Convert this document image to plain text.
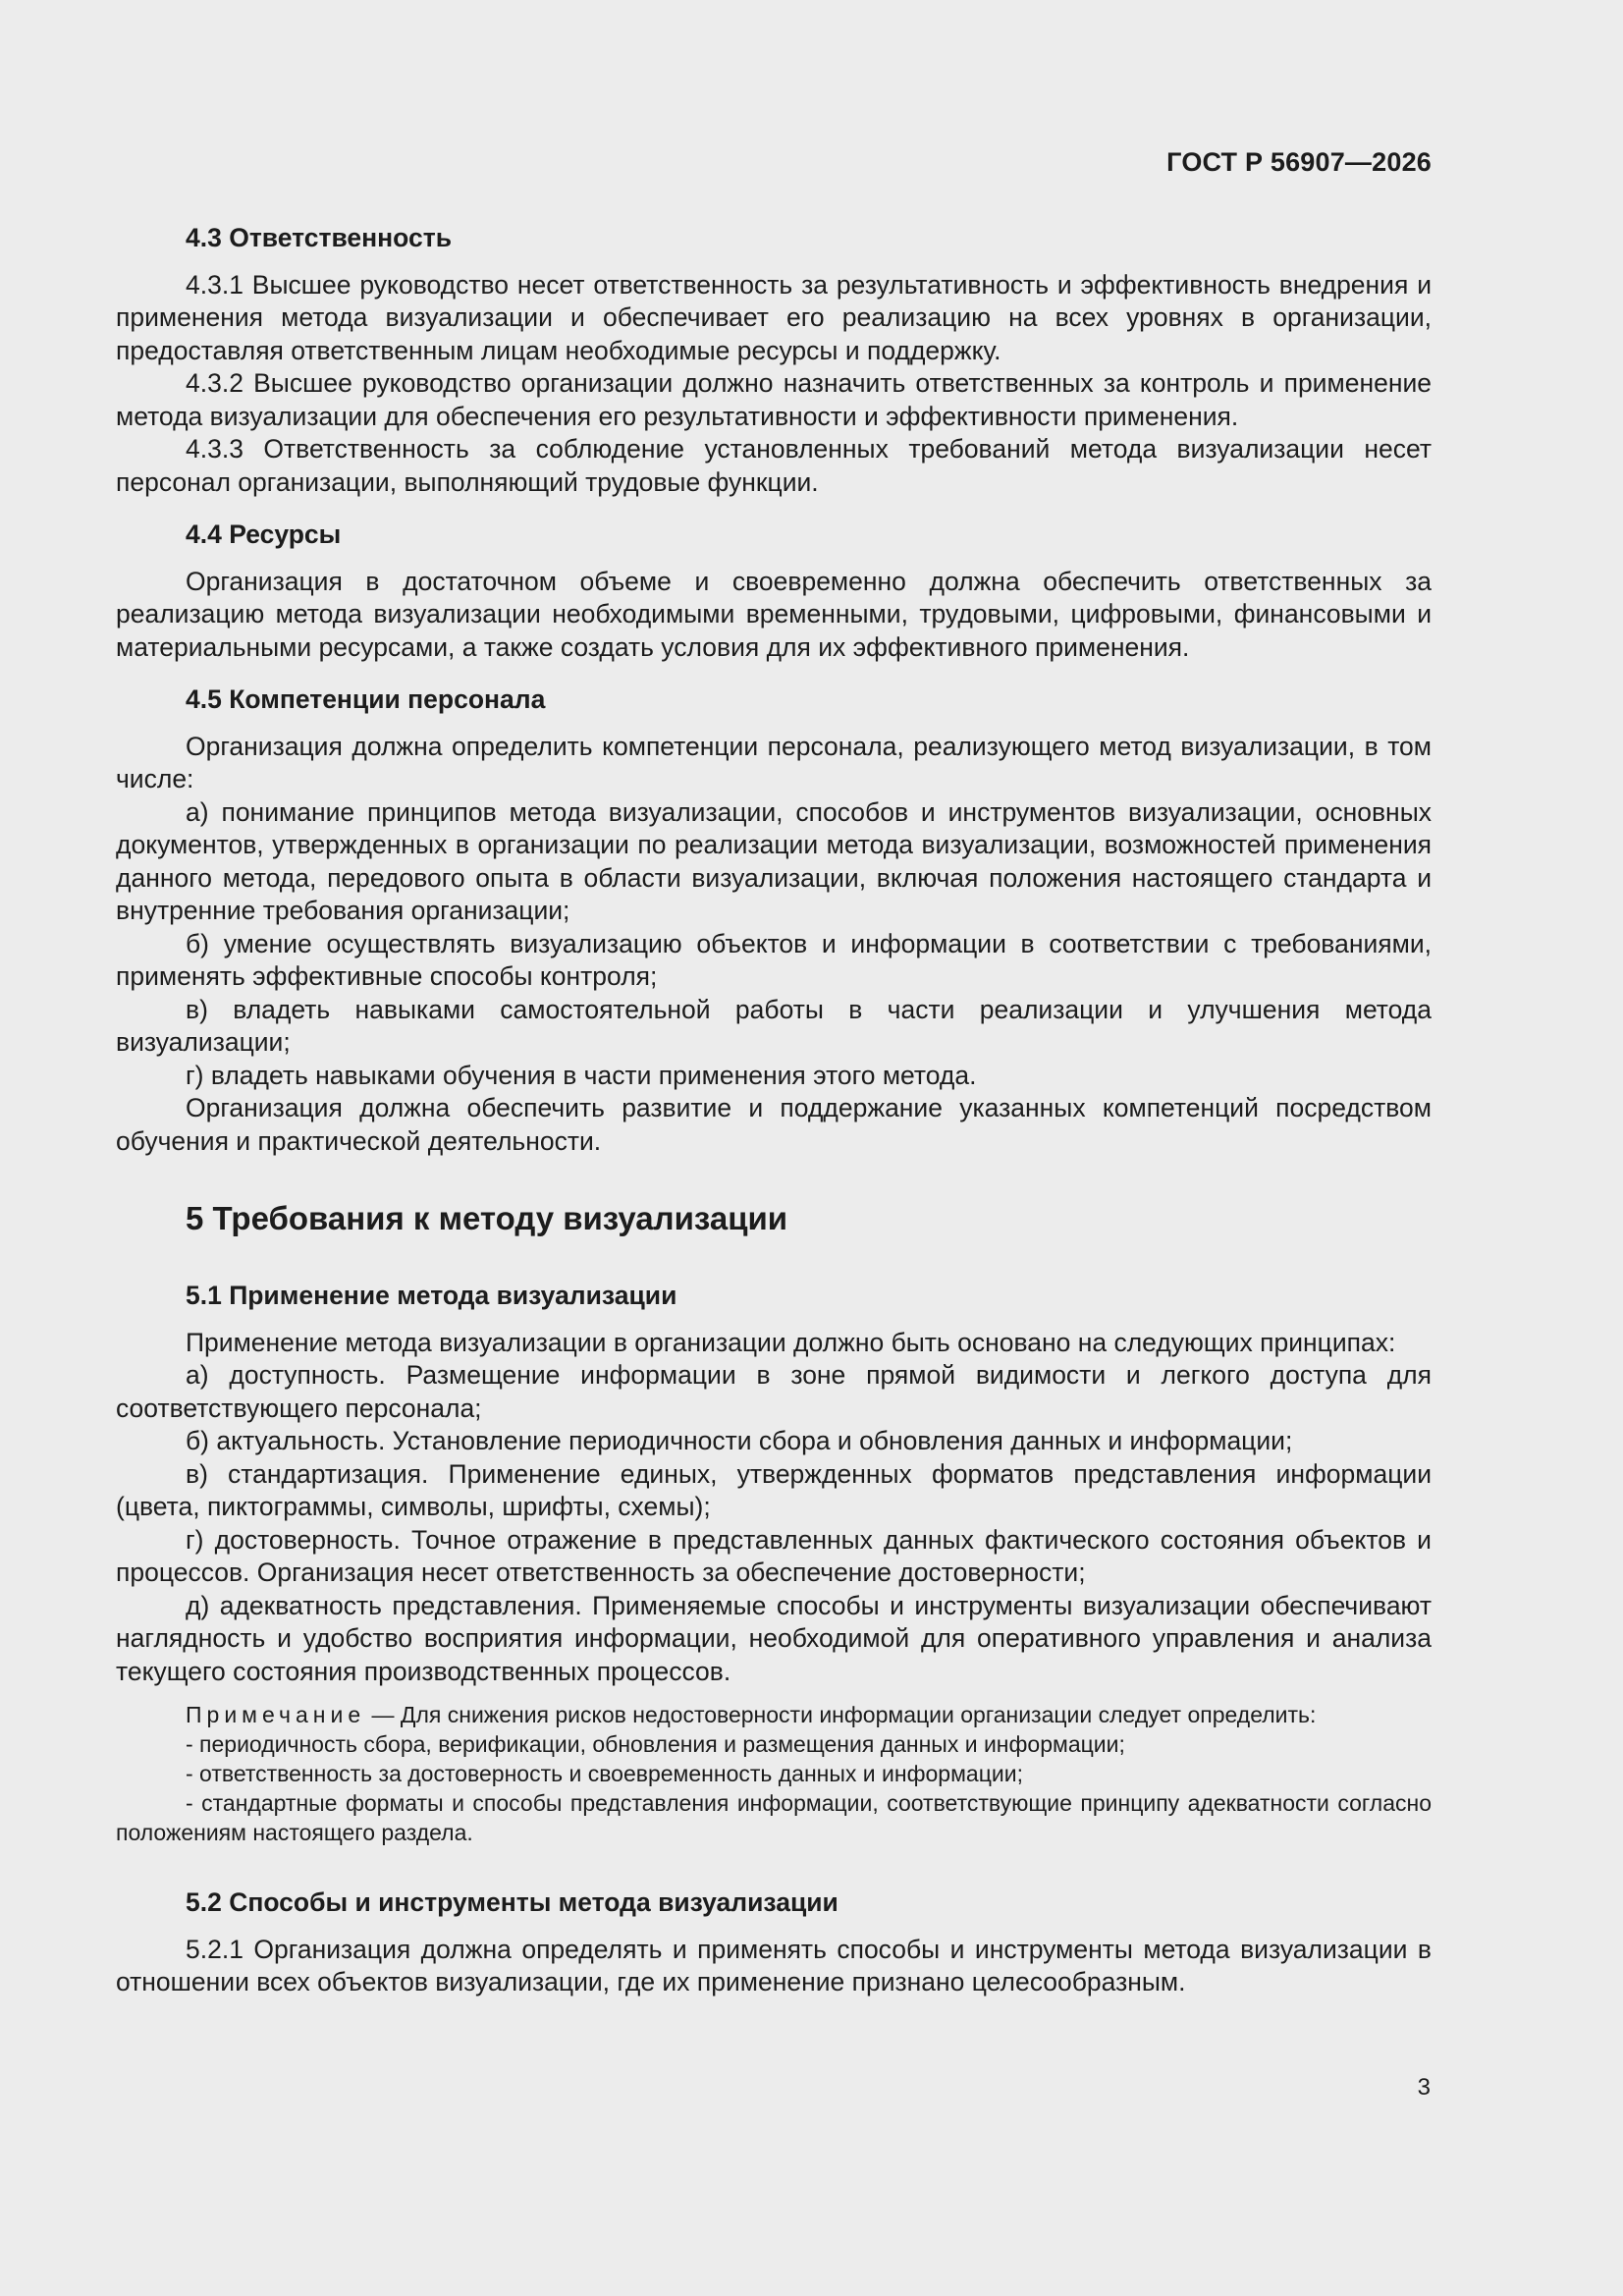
ГОСТ Р 56907—2026
4.3 Ответственность

4.3.1 Высшее руководство несет ответственность за результативность и эффективность внедрения и применения метода визуализации и обеспечивает его реализацию на всех уровнях в организации, предоставляя ответственным лицам необходимые ресурсы и поддержку.

4.3.2 Высшее руководство организации должно назначить ответственных за контроль и применение метода визуализации для обеспечения его результативности и эффективности применения.

4.3.3 Ответственность за соблюдение установленных требований метода визуализации несет персонал организации, выполняющий трудовые функции.

4.4 Ресурсы

Организация в достаточном объеме и своевременно должна обеспечить ответственных за реализацию метода визуализации необходимыми временными, трудовыми, цифровыми, финансовыми и материальными ресурсами, а также создать условия для их эффективного применения.

4.5 Компетенции персонала

Организация должна определить компетенции персонала, реализующего метод визуализации, в том числе:

а) понимание принципов метода визуализации, способов и инструментов визуализации, основных документов, утвержденных в организации по реализации метода визуализации, возможностей применения данного метода, передового опыта в области визуализации, включая положения настоящего стандарта и внутренние требования организации;

б) умение осуществлять визуализацию объектов и информации в соответствии с требованиями, применять эффективные способы контроля;

в) владеть навыками самостоятельной работы в части реализации и улучшения метода визуализации;

г) владеть навыками обучения в части применения этого метода.

Организация должна обеспечить развитие и поддержание указанных компетенций посредством обучения и практической деятельности.

5 Требования к методу визуализации
5.1 Применение метода визуализации

Применение метода визуализации в организации должно быть основано на следующих принципах:

а) доступность. Размещение информации в зоне прямой видимости и легкого доступа для соответствующего персонала;

б) актуальность. Установление периодичности сбора и обновления данных и информации;

в) стандартизация. Применение единых, утвержденных форматов представления информации (цвета, пиктограммы, символы, шрифты, схемы);

г) достоверность. Точное отражение в представленных данных фактического состояния объектов и процессов. Организация несет ответственность за обеспечение достоверности;

д) адекватность представления. Применяемые способы и инструменты визуализации обеспечивают наглядность и удобство восприятия информации, необходимой для оперативного управления и анализа текущего состояния производственных процессов.

Примечание — Для снижения рисков недостоверности информации организации следует определить:

- периодичность сбора, верификации, обновления и размещения данных и информации;

- ответственность за достоверность и своевременность данных и информации;

- стандартные форматы и способы представления информации, соответствующие принципу адекватности согласно положениям настоящего раздела.

5.2 Способы и инструменты метода визуализации

5.2.1 Организация должна определять и применять способы и инструменты метода визуализации в отношении всех объектов визуализации, где их применение признано целесообразным.

3
